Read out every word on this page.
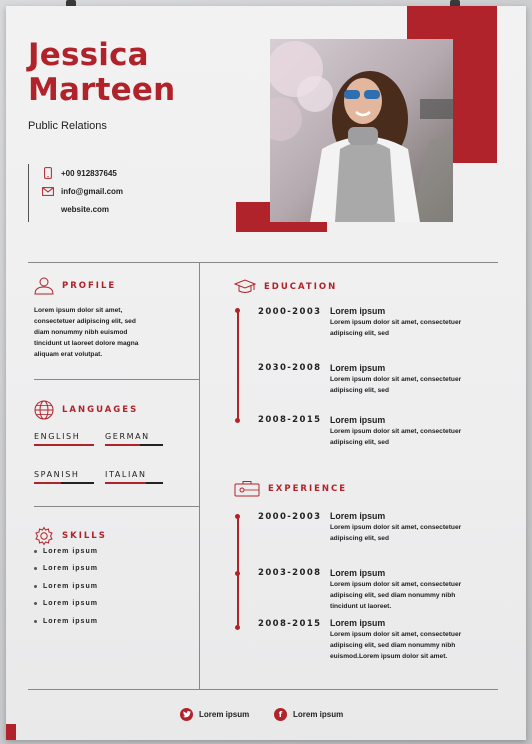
Jessica
Marteen
Public Relations
+00 912837645
info@gmail.com
website.com
PROFILE
Lorem ipsum dolor sit amet,
consectetuer adipiscing elit, sed
diam nonummy nibh euismod
tincidunt ut laoreet dolore magna
aliquam erat volutpat.
LANGUAGES
ENGLISH	GERMAN
SPANISH	ITALIAN
SKILLS
Lorem ipsum
Lorem ipsum
Lorem ipsum
Lorem ipsum
Lorem ipsum
EDUCATION
2000-2003 Lorem ipsum
Lorem ipsum dolor sit amet, consectetuer
adipiscing elit, sed
2030-2008 Lorem ipsum
Lorem ipsum dolor sit amet, consectetuer
adipiscing elit, sed
2008-2015 Lorem ipsum
Lorem ipsum dolor sit amet, consectetuer
adipiscing elit, sed
EXPERIENCE
2000-2003 Lorem ipsum
Lorem ipsum dolor sit amet, consectetuer
adipiscing elit, sed
2003-2008 Lorem ipsum
Lorem ipsum dolor sit amet, consectetuer
adipiscing elit, sed diam nonummy nibh
tincidunt ut laoreet.
2008-2015 Lorem ipsum
Lorem ipsum dolor sit amet, consectetuer
adipiscing elit, sed diam nonummy nibh
euismod.Lorem ipsum dolor sit amet.
Lorem ipsum	f	Lorem ipsum
